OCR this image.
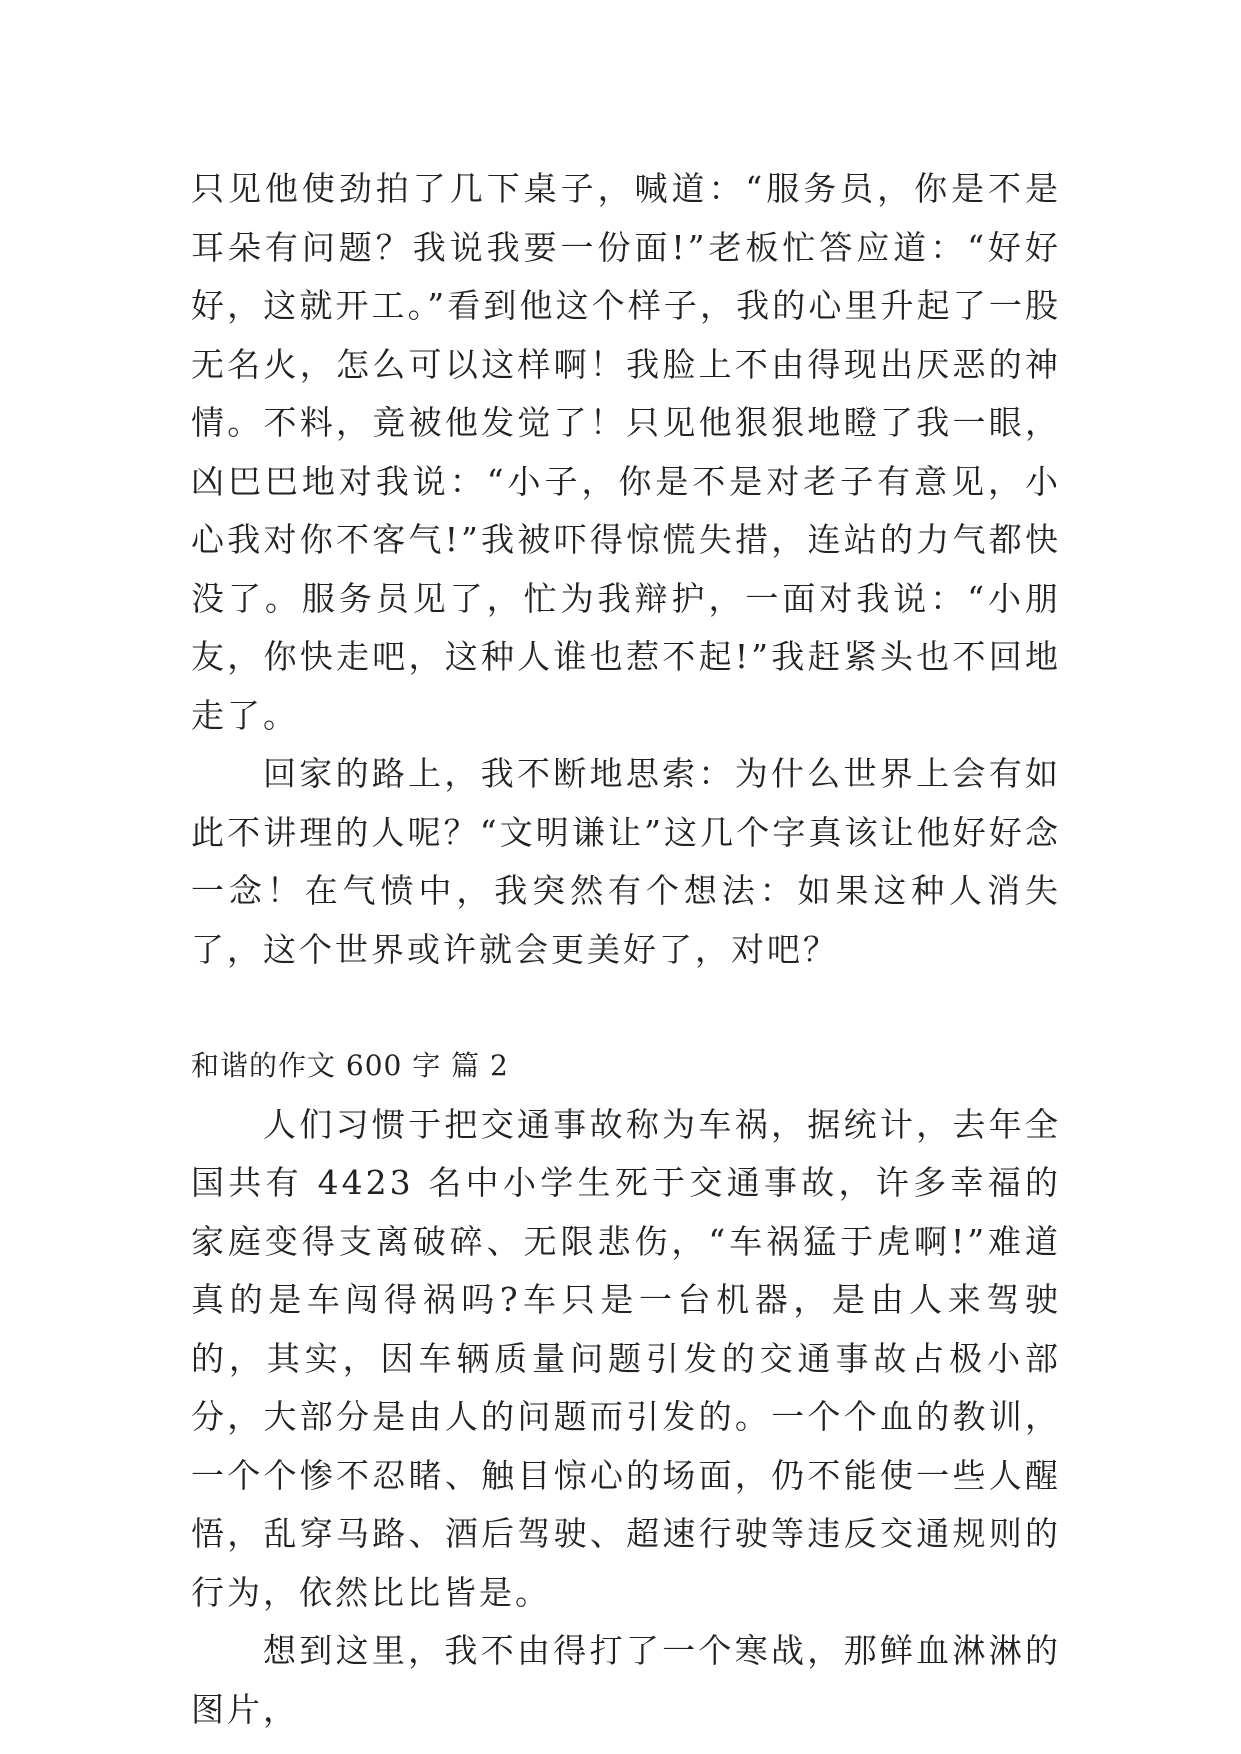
只见他使劲拍了几下桌子，喊道：“服务员，你是不是耳朵有问题？我说我要一份面!”老板忙答应道：“好好好，这就开工。”看到他这个样子，我的心里升起了一股无名火，怎么可以这样啊！我脸上不由得现出厌恶的神情。不料，竟被他发觉了！只见他狠狠地瞪了我一眼，凶巴巴地对我说：“小子，你是不是对老子有意见，小心我对你不客气!”我被吓得惊慌失措，连站的力气都快没了。服务员见了，忙为我辩护，一面对我说：“小朋友，你快走吧，这种人谁也惹不起!”我赶紧头也不回地走了。

回家的路上，我不断地思索：为什么世界上会有如此不讲理的人呢？“文明谦让”这几个字真该让他好好念一念！在气愤中，我突然有个想法：如果这种人消失了，这个世界或许就会更美好了，对吧？

和谐的作文 600 字 篇 2

人们习惯于把交通事故称为车祸，据统计，去年全国共有 4423 名中小学生死于交通事故，许多幸福的家庭变得支离破碎、无限悲伤，“车祸猛于虎啊!”难道真的是车闯得祸吗?车只是一台机器，是由人来驾驶的，其实，因车辆质量问题引发的交通事故占极小部分，大部分是由人的问题而引发的。一个个血的教训，一个个惨不忍睹、触目惊心的场面，仍不能使一些人醒悟，乱穿马路、酒后驾驶、超速行驶等违反交通规则的行为，依然比比皆是。

想到这里，我不由得打了一个寒战，那鲜血淋淋的图片，
